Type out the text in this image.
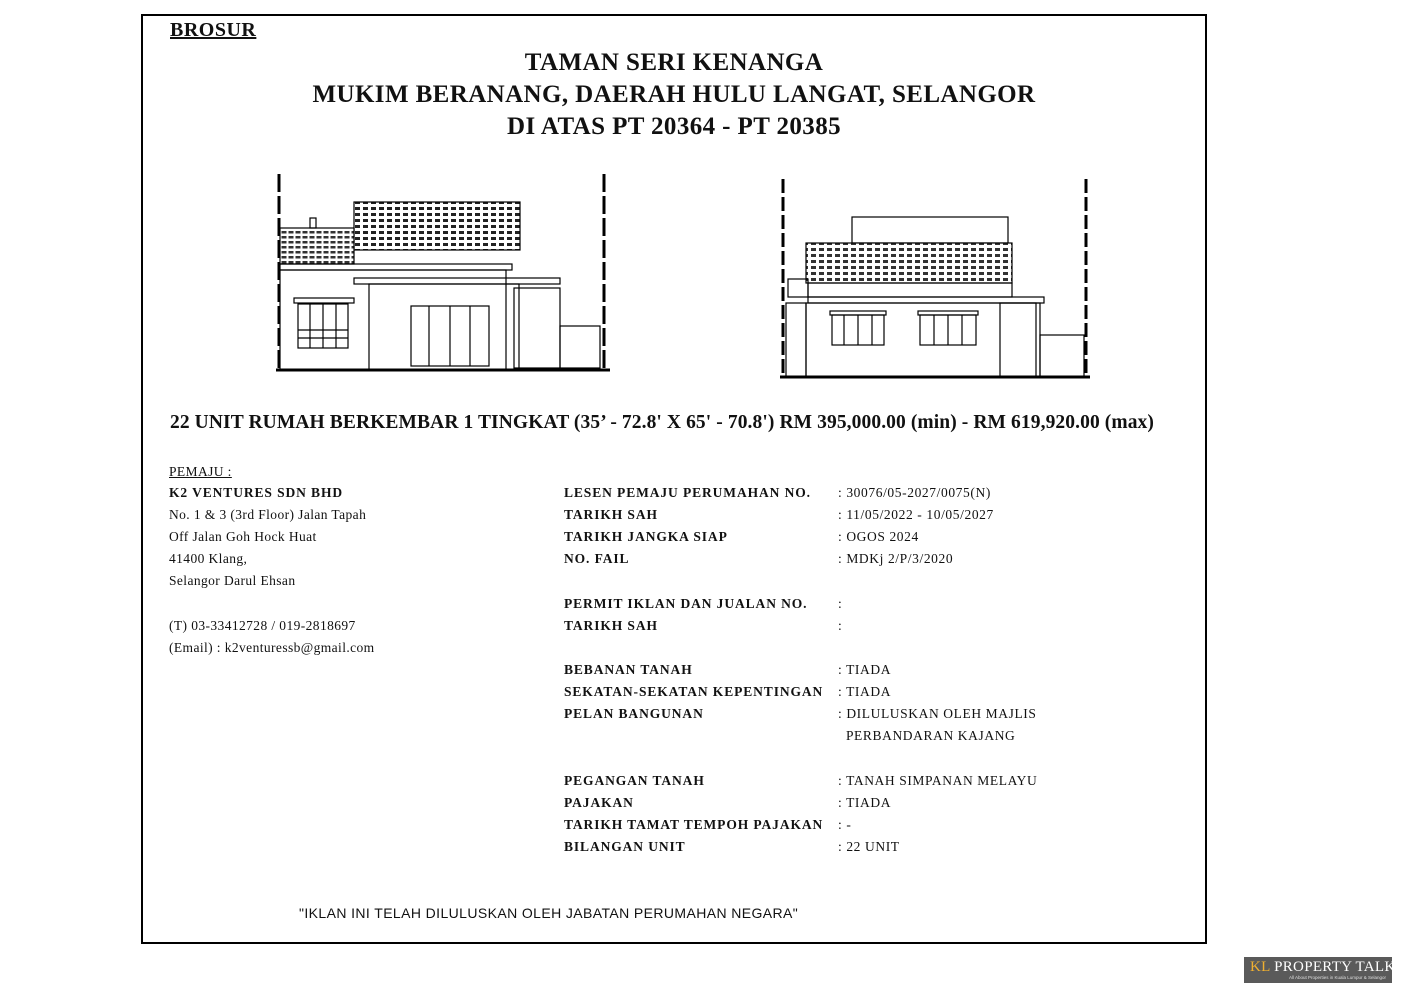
BROSUR
TAMAN SERI KENANGA
MUKIM BERANANG, DAERAH HULU LANGAT, SELANGOR
DI ATAS PT 20364 - PT 20385
22 UNIT RUMAH BERKEMBAR 1 TINGKAT (35’ - 72.8' X 65' - 70.8') RM 395,000.00 (min) - RM 619,920.00 (max)
PEMAJU :
K2 VENTURES SDN BHD
No. 1 & 3 (3rd Floor) Jalan Tapah
Off Jalan Goh Hock Huat
41400 Klang,
Selangor Darul Ehsan
(T) 03-33412728 / 019-2818697
(Email) : k2venturessb@gmail.com
LESEN PEMAJU PERUMAHAN NO.	: 30076/05-2027/0075(N)
TARIKH SAH	: 11/05/2022 - 10/05/2027
TARIKH JANGKA SIAP	: OGOS 2024
NO. FAIL	: MDKj 2/P/3/2020
PERMIT IKLAN DAN JUALAN NO.	:
TARIKH SAH	:
BEBANAN TANAH	: TIADA
SEKATAN-SEKATAN KEPENTINGAN	: TIADA
PELAN BANGUNAN	: DILULUSKAN OLEH MAJLIS
PERBANDARAN KAJANG
PEGANGAN TANAH	: TANAH SIMPANAN MELAYU
PAJAKAN	: TIADA
TARIKH TAMAT TEMPOH PAJAKAN	: -
BILANGAN UNIT	: 22 UNIT
"IKLAN INI TELAH DILULUSKAN OLEH JABATAN PERUMAHAN NEGARA"
KL PROPERTY TALK
All About Properties in Kuala Lumpur & Selangor
